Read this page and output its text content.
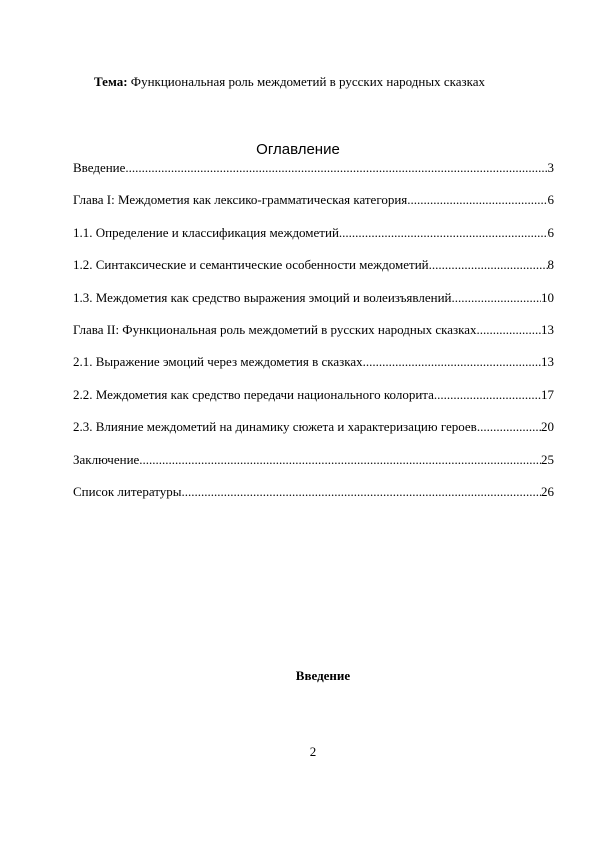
Тема: Функциональная роль междометий в русских народных сказках
Оглавление
Введение .....	3
Глава I: Междометия как лексико-грамматическая категория .....	6
1.1. Определение и классификация междометий .....	6
1.2. Синтаксические и семантические особенности междометий .....	8
1.3. Междометия как средство выражения эмоций и волеизъявлений .....	10
Глава II: Функциональная роль междометий в русских народных сказках .....	13
2.1. Выражение эмоций через междометия в сказках .....	13
2.2. Междометия как средство передачи национального колорита .....	17
2.3. Влияние междометий на динамику сюжета и характеризацию героев .....	20
Заключение .....	25
Список литературы .....	26
Введение
2
